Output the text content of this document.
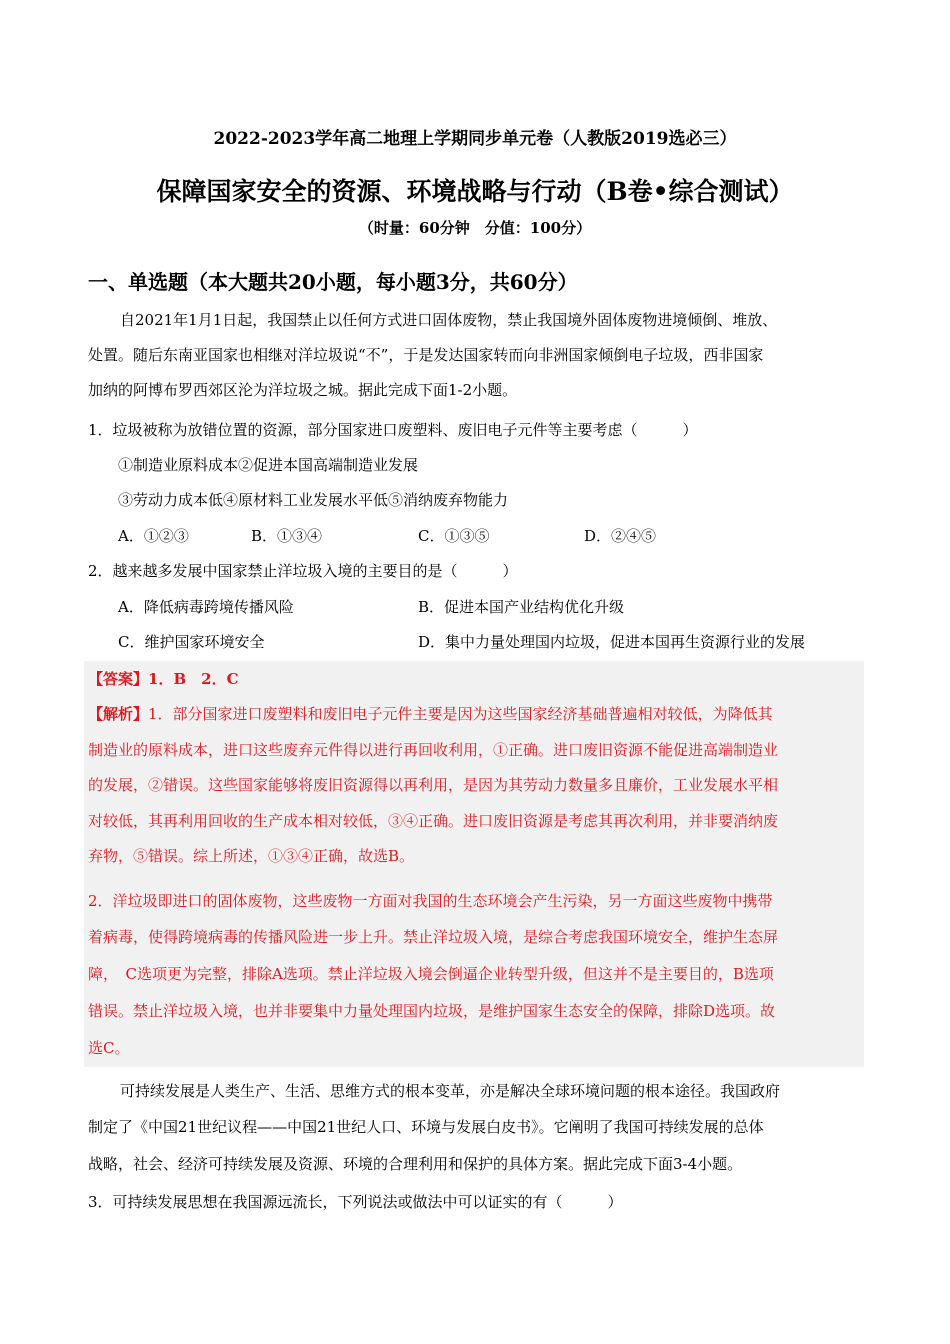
2022-2023学年高二地理上学期同步单元卷（人教版2019选必三）
保障国家安全的资源、环境战略与行动（B卷•综合测试）
（时量：60分钟　分值：100分）
一、单选题（本大题共20小题，每小题3分，共60分）
自2021年1月1日起，我国禁止以任何方式进口固体废物，禁止我国境外固体废物进境倾倒、堆放、
处置。随后东南亚国家也相继对洋垃圾说“不”，于是发达国家转而向非洲国家倾倒电子垃圾，西非国家
加纳的阿博布罗西郊区沦为洋垃圾之城。据此完成下面1-2小题。
1．垃圾被称为放错位置的资源，部分国家进口废塑料、废旧电子元件等主要考虑（　　　）
①制造业原料成本②促进本国高端制造业发展
③劳动力成本低④原材料工业发展水平低⑤消纳废弃物能力
A．①②③	B．①③④	C．①③⑤	D．②④⑤
2．越来越多发展中国家禁止洋垃圾入境的主要目的是（　　　）
A．降低病毒跨境传播风险	B．促进本国产业结构优化升级
C．维护国家环境安全	D．集中力量处理国内垃圾，促进本国再生资源行业的发展
【答案】1．B　2．C
【解析】1．部分国家进口废塑料和废旧电子元件主要是因为这些国家经济基础普遍相对较低，为降低其
制造业的原料成本，进口这些废弃元件得以进行再回收利用，①正确。进口废旧资源不能促进高端制造业
的发展，②错误。这些国家能够将废旧资源得以再利用，是因为其劳动力数量多且廉价，工业发展水平相
对较低，其再利用回收的生产成本相对较低，③④正确。进口废旧资源是考虑其再次利用，并非要消纳废
弃物，⑤错误。综上所述，①③④正确，故选B。
2．洋垃圾即进口的固体废物，这些废物一方面对我国的生态环境会产生污染，另一方面这些废物中携带
着病毒，使得跨境病毒的传播风险进一步上升。禁止洋垃圾入境，是综合考虑我国环境安全，维护生态屏
障，　C选项更为完整，排除A选项。禁止洋垃圾入境会倒逼企业转型升级，但这并不是主要目的，B选项
错误。禁止洋垃圾入境，也并非要集中力量处理国内垃圾，是维护国家生态安全的保障，排除D选项。故
选C。
可持续发展是人类生产、生活、思维方式的根本变革，亦是解决全球环境问题的根本途径。我国政府
制定了《中国21世纪议程——中国21世纪人口、环境与发展白皮书》。它阐明了我国可持续发展的总体
战略，社会、经济可持续发展及资源、环境的合理利用和保护的具体方案。据此完成下面3-4小题。
3．可持续发展思想在我国源远流长，下列说法或做法中可以证实的有（　　　）
